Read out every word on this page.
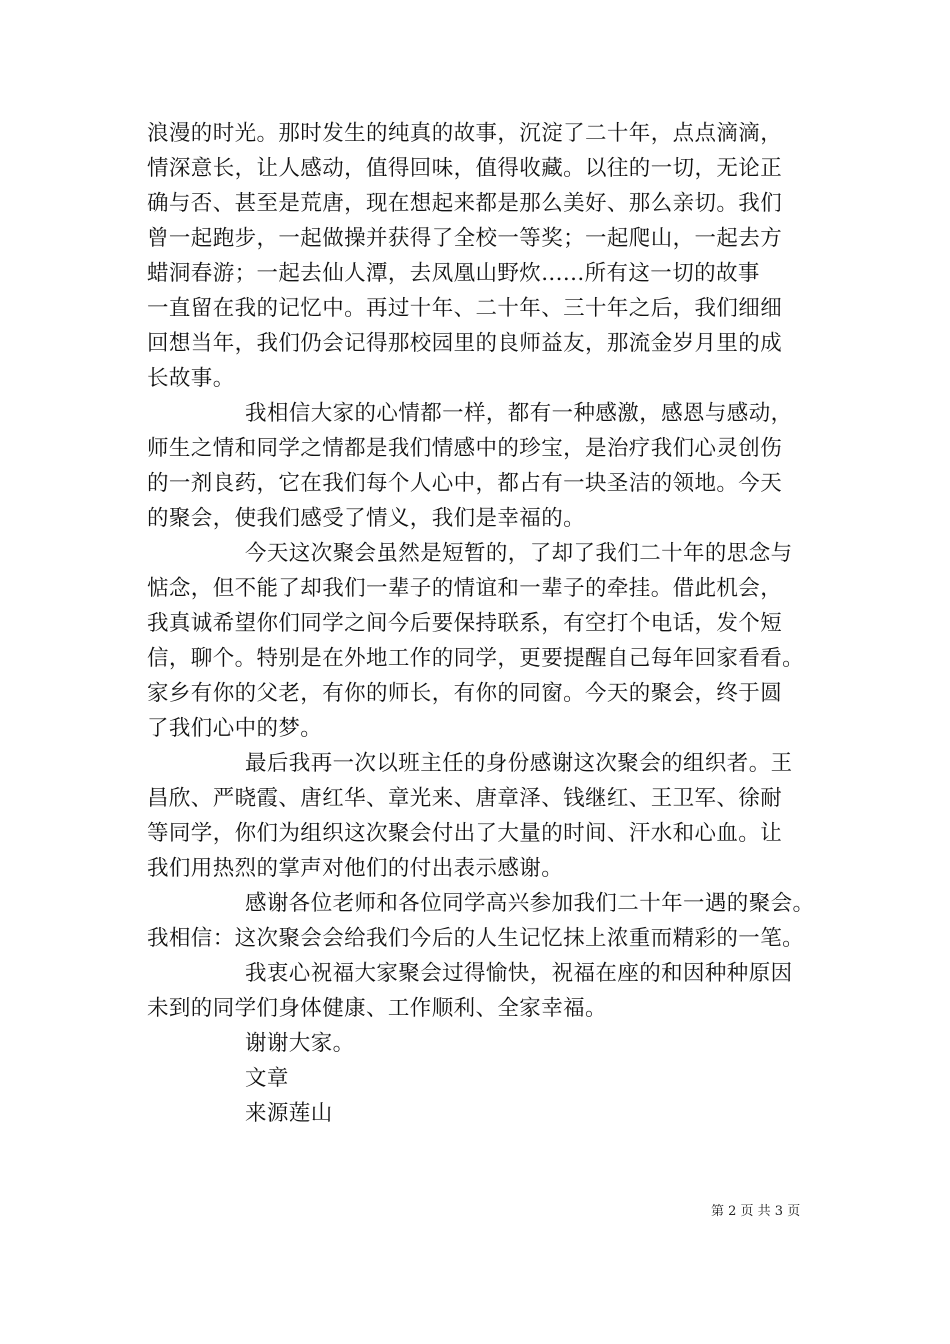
浪漫的时光。那时发生的纯真的故事，沉淀了二十年，点点滴滴，
情深意长，让人感动，值得回味，值得收藏。以往的一切，无论正
确与否、甚至是荒唐，现在想起来都是那么美好、那么亲切。我们
曾一起跑步，一起做操并获得了全校一等奖；一起爬山，一起去方
蜡洞春游；一起去仙人潭，去凤凰山野炊......所有这一切的故事
一直留在我的记忆中。再过十年、二十年、三十年之后，我们细细
回想当年，我们仍会记得那校园里的良师益友，那流金岁月里的成
长故事。
我相信大家的心情都一样，都有一种感激，感恩与感动，
师生之情和同学之情都是我们情感中的珍宝，是治疗我们心灵创伤
的一剂良药，它在我们每个人心中，都占有一块圣洁的领地。今天
的聚会，使我们感受了情义，我们是幸福的。
今天这次聚会虽然是短暂的，了却了我们二十年的思念与
惦念，但不能了却我们一辈子的情谊和一辈子的牵挂。借此机会，
我真诚希望你们同学之间今后要保持联系，有空打个电话，发个短
信，聊个。特别是在外地工作的同学，更要提醒自己每年回家看看。
家乡有你的父老，有你的师长，有你的同窗。今天的聚会，终于圆
了我们心中的梦。
最后我再一次以班主任的身份感谢这次聚会的组织者。王
昌欣、严晓霞、唐红华、章光来、唐章泽、钱继红、王卫军、徐耐
等同学，你们为组织这次聚会付出了大量的时间、汗水和心血。让
我们用热烈的掌声对他们的付出表示感谢。
感谢各位老师和各位同学高兴参加我们二十年一遇的聚会。
我相信：这次聚会会给我们今后的人生记忆抹上浓重而精彩的一笔。
我衷心祝福大家聚会过得愉快，祝福在座的和因种种原因
未到的同学们身体健康、工作顺利、全家幸福。
谢谢大家。
文章
来源莲山
第 2 页 共 3 页
